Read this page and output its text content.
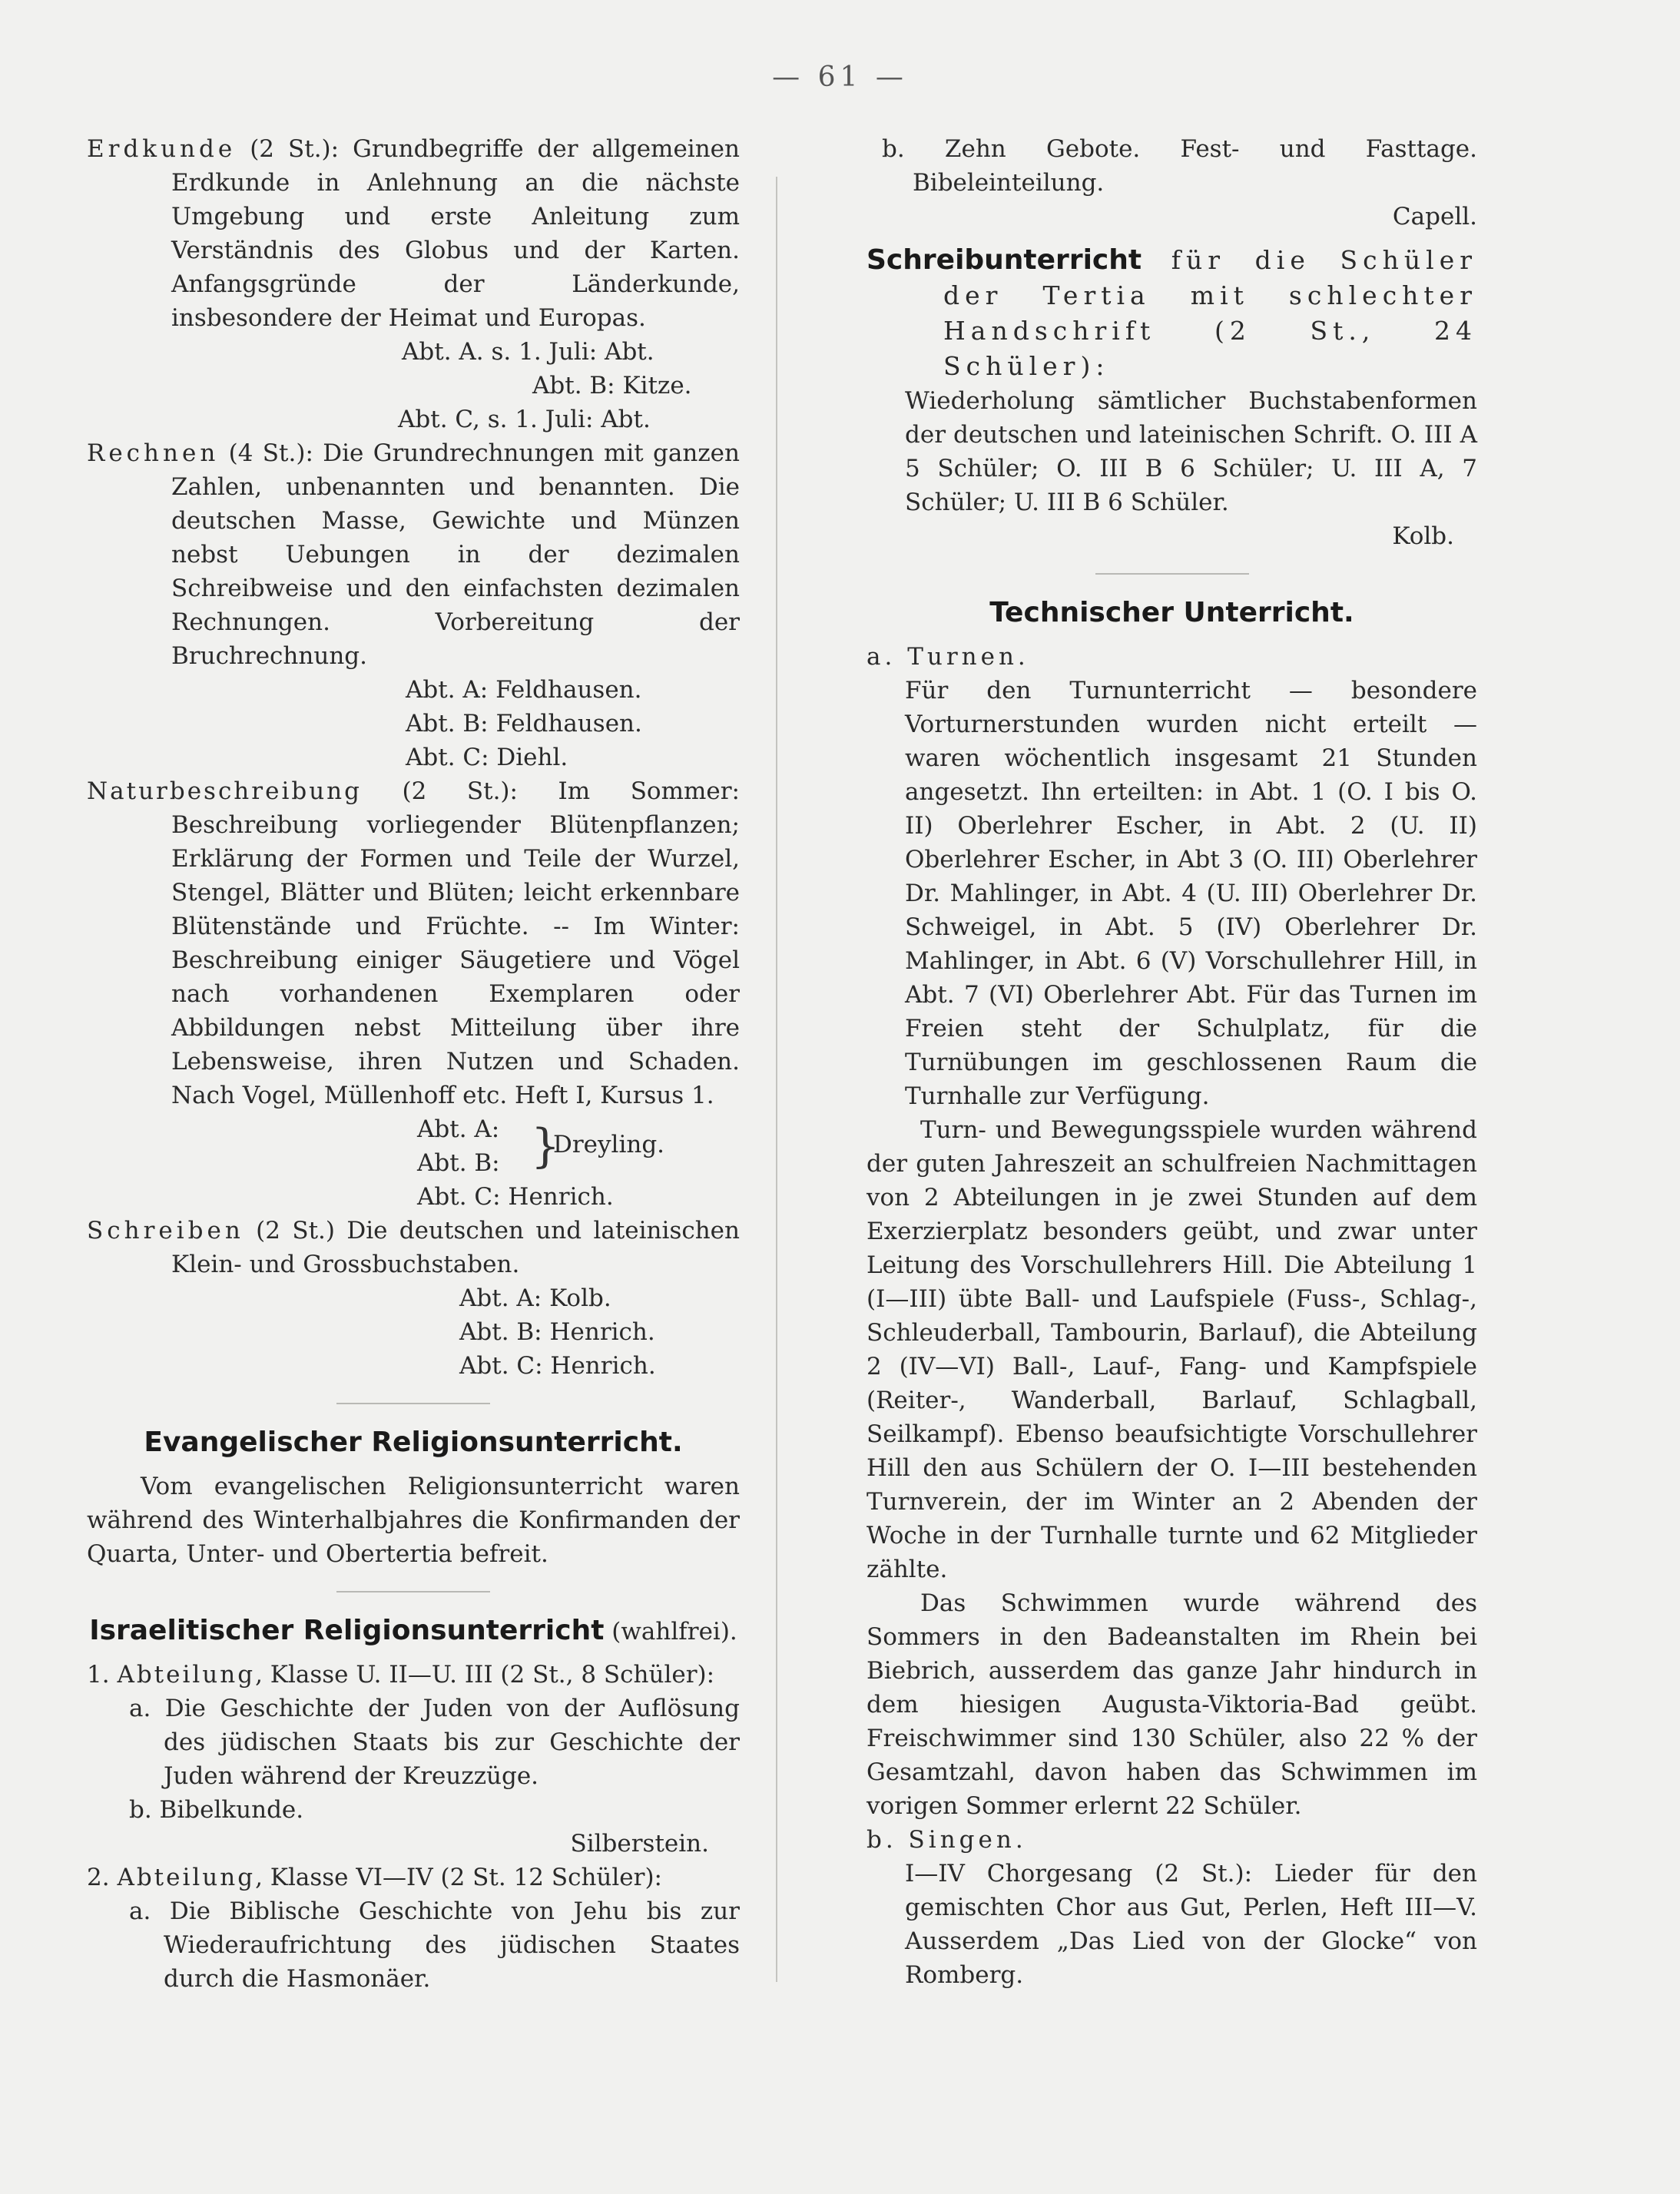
— 61 —

Erdkunde (2 St.): Grundbegriffe der allgemeinen Erdkunde in Anlehnung an die nächste Umgebung und erste Anleitung zum Verständnis des Globus und der Karten. Anfangsgründe der Länderkunde, insbesondere der Heimat und Europas.

Abt. A. s. 1. Juli: Abt.
Abt. B: Kitze.
Abt. C, s. 1. Juli: Abt.

Rechnen (4 St.): Die Grundrechnungen mit ganzen Zahlen, unbenannten und benannten. Die deutschen Masse, Gewichte und Münzen nebst Uebungen in der dezimalen Schreibweise und den einfachsten dezimalen Rechnungen. Vorbereitung der Bruchrechnung.

Abt. A: Feldhausen.
Abt. B: Feldhausen.
Abt. C: Diehl.

Naturbeschreibung (2 St.): Im Sommer: Beschreibung vorliegender Blütenpflanzen; Erklärung der Formen und Teile der Wurzel, Stengel, Blätter und Blüten; leicht erkennbare Blütenstände und Früchte. -- Im Winter: Beschreibung einiger Säugetiere und Vögel nach vorhandenen Exemplaren oder Abbildungen nebst Mitteilung über ihre Lebensweise, ihren Nutzen und Schaden. Nach Vogel, Müllenhoff etc. Heft I, Kursus 1.

Abt. A:
Abt. B: }
Dreyling.
Abt. C: Henrich.

Schreiben (2 St.) Die deutschen und lateinischen Klein- und Grossbuchstaben.

Abt. A: Kolb.
Abt. B: Henrich.
Abt. C: Henrich.
Evangelischer Religionsunterricht.

Vom evangelischen Religionsunterricht waren während des Winterhalbjahres die Konfirmanden der Quarta, Unter- und Obertertia befreit.

Israelitischer Religionsunterricht (wahlfrei).

1. Abteilung, Klasse U. II—U. III (2 St., 8 Schüler):

a. Die Geschichte der Juden von der Auflösung des jüdischen Staats bis zur Geschichte der Juden während der Kreuzzüge.

b. Bibelkunde.

Silberstein.

2. Abteilung, Klasse VI—IV (2 St. 12 Schüler):

a. Die Biblische Geschichte von Jehu bis zur Wiederaufrichtung des jüdischen Staates durch die Hasmonäer.

b. Zehn Gebote. Fest- und Fasttage. Bibeleinteilung.

Capell.

Schreibunterricht für die Schüler der Tertia mit schlechter Handschrift (2 St., 24 Schüler):

Wiederholung sämtlicher Buchstabenformen der deutschen und lateinischen Schrift. O. III A 5 Schüler; O. III B 6 Schüler; U. III A, 7 Schüler; U. III B 6 Schüler.

Kolb.
Technischer Unterricht.
a. Turnen.

Für den Turnunterricht — besondere Vorturnerstunden wurden nicht erteilt — waren wöchentlich insgesamt 21 Stunden angesetzt. Ihn erteilten: in Abt. 1 (O. I bis O. II) Oberlehrer Escher, in Abt. 2 (U. II) Oberlehrer Escher, in Abt 3 (O. III) Oberlehrer Dr. Mahlinger, in Abt. 4 (U. III) Oberlehrer Dr. Schweigel, in Abt. 5 (IV) Oberlehrer Dr. Mahlinger, in Abt. 6 (V) Vorschullehrer Hill, in Abt. 7 (VI) Oberlehrer Abt. Für das Turnen im Freien steht der Schulplatz, für die Turnübungen im geschlossenen Raum die Turnhalle zur Verfügung.

Turn- und Bewegungsspiele wurden während der guten Jahreszeit an schulfreien Nachmittagen von 2 Abteilungen in je zwei Stunden auf dem Exerzierplatz besonders geübt, und zwar unter Leitung des Vorschullehrers Hill. Die Abteilung 1 (I—III) übte Ball- und Laufspiele (Fuss-, Schlag-, Schleuderball, Tambourin, Barlauf), die Abteilung 2 (IV—VI) Ball-, Lauf-, Fang- und Kampfspiele (Reiter-, Wanderball, Barlauf, Schlagball, Seilkampf). Ebenso beaufsichtigte Vorschullehrer Hill den aus Schülern der O. I—III bestehenden Turnverein, der im Winter an 2 Abenden der Woche in der Turnhalle turnte und 62 Mitglieder zählte.

Das Schwimmen wurde während des Sommers in den Badeanstalten im Rhein bei Biebrich, ausserdem das ganze Jahr hindurch in dem hiesigen Augusta-Viktoria-Bad geübt. Freischwimmer sind 130 Schüler, also 22 % der Gesamtzahl, davon haben das Schwimmen im vorigen Sommer erlernt 22 Schüler.

b. Singen.

I—IV Chorgesang (2 St.): Lieder für den gemischten Chor aus Gut, Perlen, Heft III—V. Ausserdem „Das Lied von der Glocke“ von Romberg.
